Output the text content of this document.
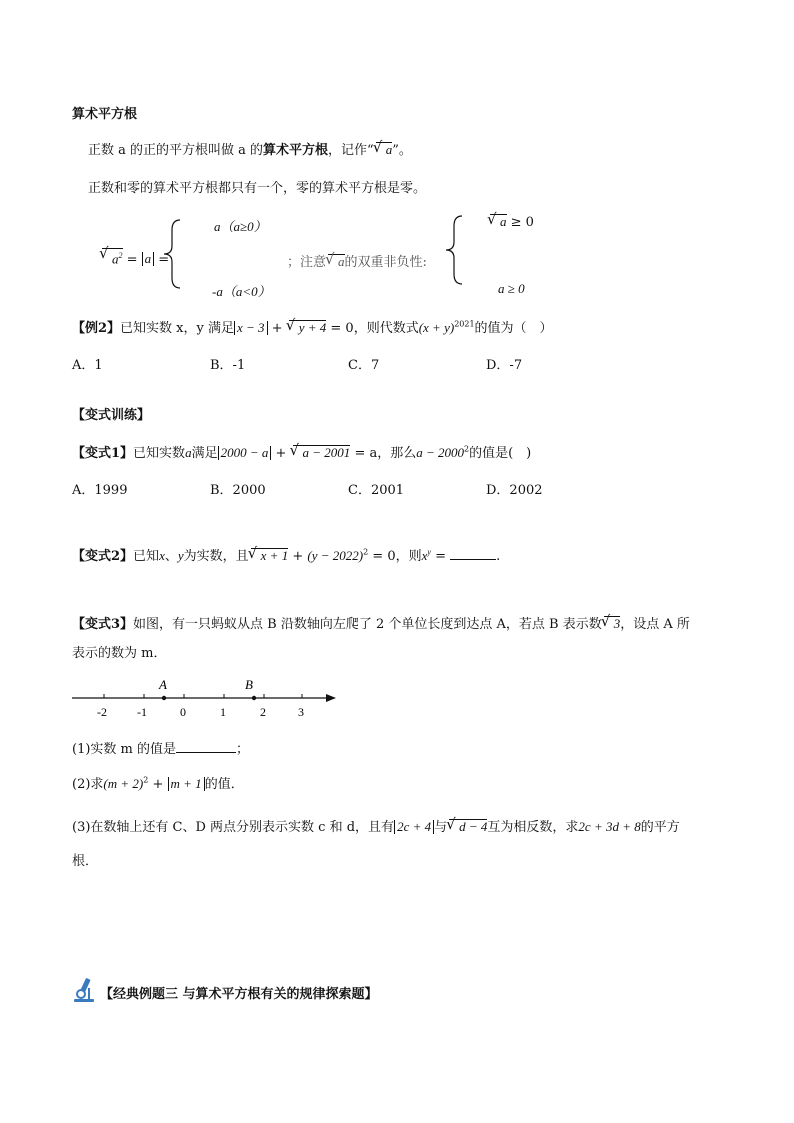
算术平方根
正数 a 的正的平方根叫做 a 的算术平方根，记作“ √ a”。
正数和零的算术平方根都只有一个，零的算术平方根是零。
√ $a^2 = a$ =
a（a≥0）
-a（a<0）
；注意 √ a的双重非负性:
√ a ≥ 0
a ≥ 0
【例2】已知实数 x，y 满足 x − 3 + √ y + 4 = 0，则代数式$(x + y)^{2021}$的值为（　）
A．1	B．-1	C．7	D．-7
【变式训练】
【变式1】已知实数a满足 2000 − a + √ a − 2001 = a，那么$a - 2000^2$的值是(　)
A．1999	B．2000	C．2001	D．2002
【变式2】已知x、y为实数，且 √ $x + 1 + (y - 2022)^2 = 0$，则$x^y$ =	.
【变式3】如图，有一只蚂蚁从点 B 沿数轴向左爬了 2 个单位长度到达点 A，若点 B 表示数 √ 3，设点 A 所
表示的数为 m．
A	B
-2	-1	0	1	2	3
(1)实数 m 的值是	；
(2)求$(m + 2)^2 + m + 1$ 的值．
(3)在数轴上还有 C、D 两点分别表示实数 c 和 d，且有 2c + 4 与 √ d − 4互为相反数，求2c + 3d + 8的平方
根．
【经典例题三 与算术平方根有关的规律探索题】
